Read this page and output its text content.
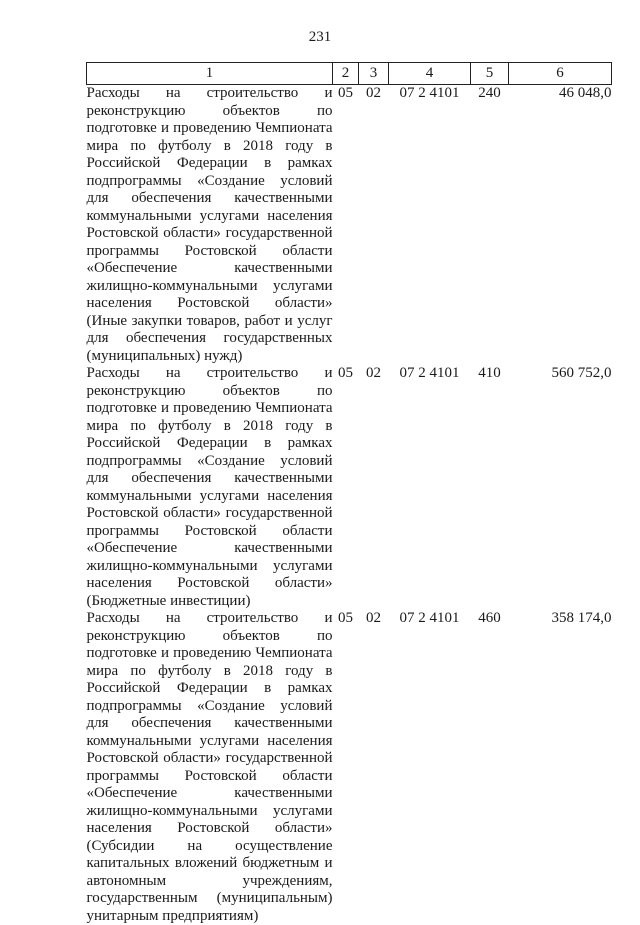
231
1	2	3	4	5	6
Расходы на строительство и реконструкцию объектов по подготовке и проведению Чемпионата мира по футболу в 2018 году в Российской Федерации в рамках подпрограммы «Создание условий для обеспечения качественными коммунальными услугами населения Ростовской области» государственной программы Ростовской области «Обеспечение качественными жилищно-коммунальными услугами населения Ростовской области» (Иные закупки товаров, работ и услуг для обеспечения государственных (муниципальных) нужд)	05	02	07 2 4101	240	46 048,0
Расходы на строительство и реконструкцию объектов по подготовке и проведению Чемпионата мира по футболу в 2018 году в Российской Федерации в рамках подпрограммы «Создание условий для обеспечения качественными коммунальными услугами населения Ростовской области» государственной программы Ростовской области «Обеспечение качественными жилищно-коммунальными услугами населения Ростовской области» (Бюджетные инвестиции)	05	02	07 2 4101	410	560 752,0
Расходы на строительство и реконструкцию объектов по подготовке и проведению Чемпионата мира по футболу в 2018 году в Российской Федерации в рамках подпрограммы «Создание условий для обеспечения качественными коммунальными услугами населения Ростовской области» государственной программы Ростовской области «Обеспечение качественными жилищно-коммунальными услугами населения Ростовской области» (Субсидии на осуществление капитальных вложений бюджетным и автономным учреждениям, государственным (муниципальным) унитарным предприятиям)	05	02	07 2 4101	460	358 174,0
